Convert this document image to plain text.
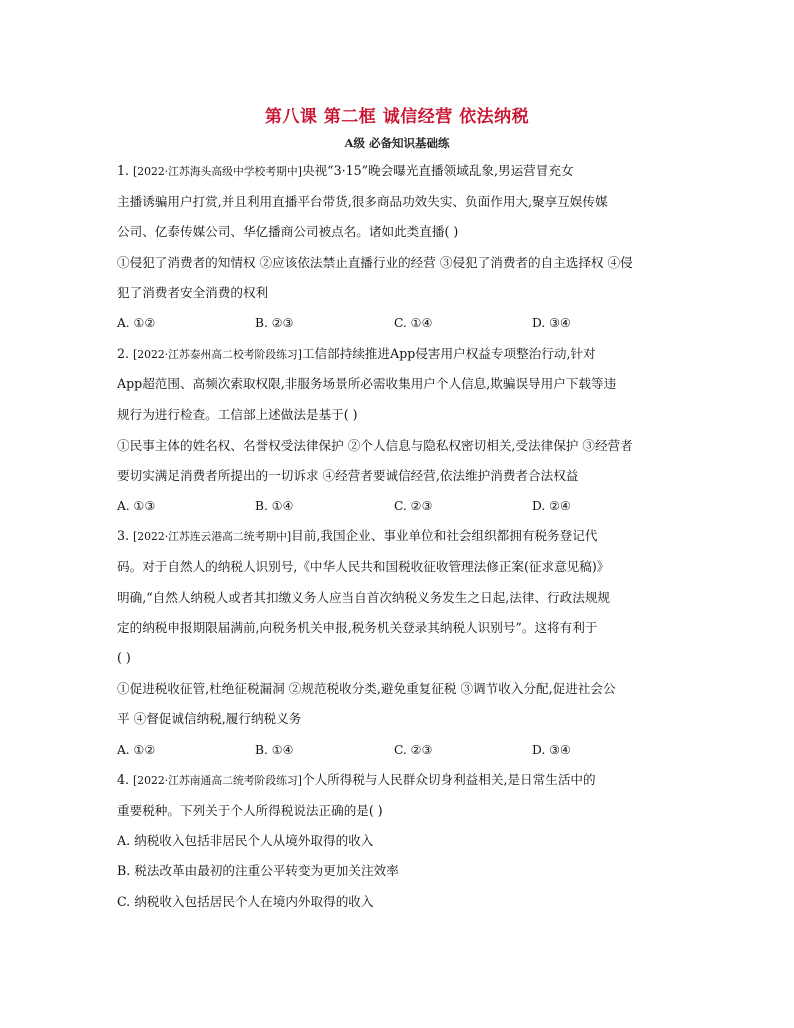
第八课 第二框 诚信经营 依法纳税
A级 必备知识基础练
1. [2022·江苏海头高级中学校考期中]央视“3·15”晚会曝光直播领域乱象,男运营冒充女
主播诱骗用户打赏,并且利用直播平台带货,很多商品功效失实、负面作用大,聚享互娱传媒
公司、亿泰传媒公司、华亿播商公司被点名。诸如此类直播( )
①侵犯了消费者的知情权 ②应该依法禁止直播行业的经营 ③侵犯了消费者的自主选择权 ④侵
犯了消费者安全消费的权利
A. ①②	B. ②③	C. ①④	D. ③④
2. [2022·江苏泰州高二校考阶段练习]工信部持续推进App侵害用户权益专项整治行动,针对
App超范围、高频次索取权限,非服务场景所必需收集用户个人信息,欺骗误导用户下载等违
规行为进行检查。工信部上述做法是基于( )
①民事主体的姓名权、名誉权受法律保护 ②个人信息与隐私权密切相关,受法律保护 ③经营者
要切实满足消费者所提出的一切诉求 ④经营者要诚信经营,依法维护消费者合法权益
A. ①③	B. ①④	C. ②③	D. ②④
3. [2022·江苏连云港高二统考期中]目前,我国企业、事业单位和社会组织都拥有税务登记代
码。对于自然人的纳税人识别号,《中华人民共和国税收征收管理法修正案(征求意见稿)》
明确,“自然人纳税人或者其扣缴义务人应当自首次纳税义务发生之日起,法律、行政法规规
定的纳税申报期限届满前,向税务机关申报,税务机关登录其纳税人识别号”。这将有利于
( )
①促进税收征管,杜绝征税漏洞 ②规范税收分类,避免重复征税 ③调节收入分配,促进社会公
平 ④督促诚信纳税,履行纳税义务
A. ①②	B. ①④	C. ②③	D. ③④
4. [2022·江苏南通高二统考阶段练习]个人所得税与人民群众切身利益相关,是日常生活中的
重要税种。下列关于个人所得税说法正确的是( )
A. 纳税收入包括非居民个人从境外取得的收入
B. 税法改革由最初的注重公平转变为更加关注效率
C. 纳税收入包括居民个人在境内外取得的收入
